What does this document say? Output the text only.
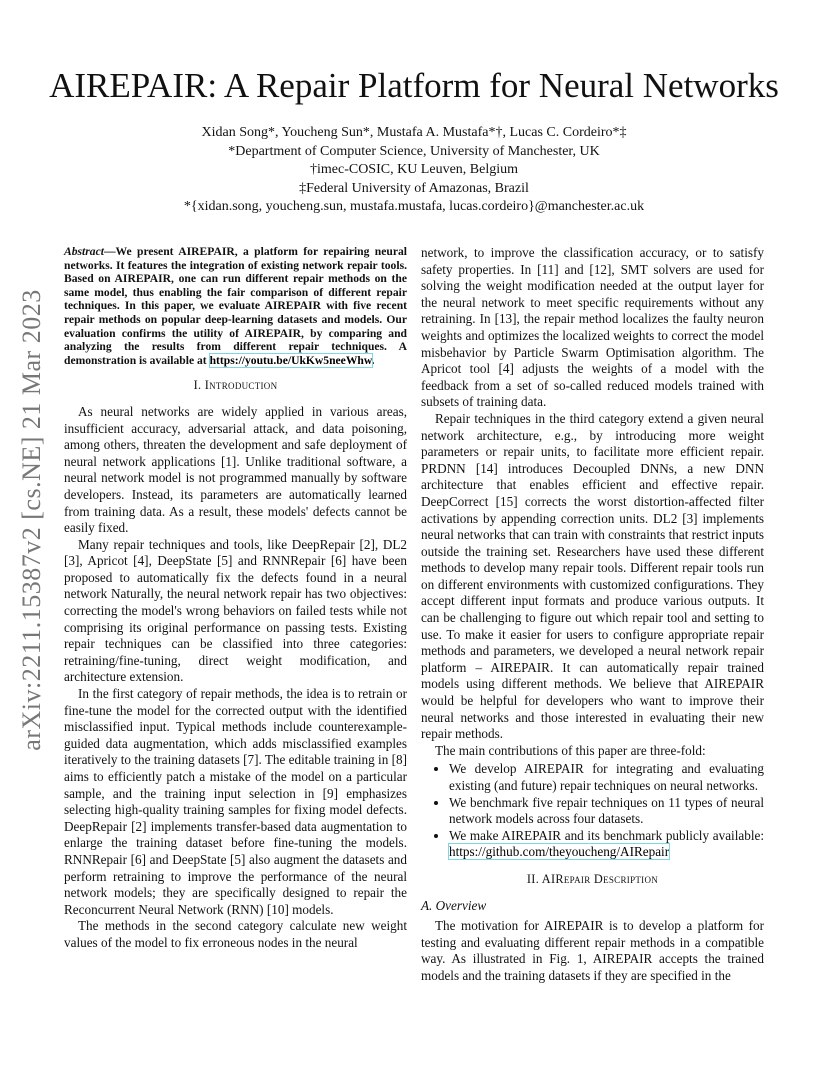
arXiv:2211.15387v2 [cs.NE] 21 Mar 2023
AIREPAIR: A Repair Platform for Neural Networks
Xidan Song*, Youcheng Sun*, Mustafa A. Mustafa*†, Lucas C. Cordeiro*‡
*Department of Computer Science, University of Manchester, UK
†imec-COSIC, KU Leuven, Belgium
‡Federal University of Amazonas, Brazil
*{xidan.song, youcheng.sun, mustafa.mustafa, lucas.cordeiro}@manchester.ac.uk

Abstract—We present AIREPAIR, a platform for repairing neural networks. It features the integration of existing network repair tools. Based on AIREPAIR, one can run different repair methods on the same model, thus enabling the fair comparison of different repair techniques. In this paper, we evaluate AIREPAIR with five recent repair methods on popular deep-learning datasets and models. Our evaluation confirms the utility of AIREPAIR, by comparing and analyzing the results from different repair techniques. A demonstration is available at https://youtu.be/UkKw5neeWhw.

I. Introduction

As neural networks are widely applied in various areas, insufficient accuracy, adversarial attack, and data poisoning, among others, threaten the development and safe deployment of neural network applications [1]. Unlike traditional software, a neural network model is not programmed manually by software developers. Instead, its parameters are automatically learned from training data. As a result, these models' defects cannot be easily fixed.

Many repair techniques and tools, like DeepRepair [2], DL2 [3], Apricot [4], DeepState [5] and RNNRepair [6] have been proposed to automatically fix the defects found in a neural network Naturally, the neural network repair has two objectives: correcting the model's wrong behaviors on failed tests while not comprising its original performance on passing tests. Existing repair techniques can be classified into three categories: retraining/fine-tuning, direct weight modification, and architecture extension.

In the first category of repair methods, the idea is to retrain or fine-tune the model for the corrected output with the identified misclassified input. Typical methods include counterexample-guided data augmentation, which adds misclassified examples iteratively to the training datasets [7]. The editable training in [8] aims to efficiently patch a mistake of the model on a particular sample, and the training input selection in [9] emphasizes selecting high-quality training samples for fixing model defects. DeepRepair [2] implements transfer-based data augmentation to enlarge the training dataset before fine-tuning the models. RNNRepair [6] and DeepState [5] also augment the datasets and perform retraining to improve the performance of the neural network models; they are specifically designed to repair the Reconcurrent Neural Network (RNN) [10] models.

The methods in the second category calculate new weight values of the model to fix erroneous nodes in the neural

network, to improve the classification accuracy, or to satisfy safety properties. In [11] and [12], SMT solvers are used for solving the weight modification needed at the output layer for the neural network to meet specific requirements without any retraining. In [13], the repair method localizes the faulty neuron weights and optimizes the localized weights to correct the model misbehavior by Particle Swarm Optimisation algorithm. The Apricot tool [4] adjusts the weights of a model with the feedback from a set of so-called reduced models trained with subsets of training data.

Repair techniques in the third category extend a given neural network architecture, e.g., by introducing more weight parameters or repair units, to facilitate more efficient repair. PRDNN [14] introduces Decoupled DNNs, a new DNN architecture that enables efficient and effective repair. DeepCorrect [15] corrects the worst distortion-affected filter activations by appending correction units. DL2 [3] implements neural networks that can train with constraints that restrict inputs outside the training set. Researchers have used these different methods to develop many repair tools. Different repair tools run on different environments with customized configurations. They accept different input formats and produce various outputs. It can be challenging to figure out which repair tool and setting to use. To make it easier for users to configure appropriate repair methods and parameters, we developed a neural network repair platform – AIREPAIR. It can automatically repair trained models using different methods. We believe that AIREPAIR would be helpful for developers who want to improve their neural networks and those interested in evaluating their new repair methods.

The main contributions of this paper are three-fold:

• We develop AIREPAIR for integrating and evaluating existing (and future) repair techniques on neural networks.
• We benchmark five repair techniques on 11 types of neural network models across four datasets.
• We make AIREPAIR and its benchmark publicly available: https://github.com/theyoucheng/AIRepair
II. AIRepair Description
A. Overview

The motivation for AIREPAIR is to develop a platform for testing and evaluating different repair methods in a compatible way. As illustrated in Fig. 1, AIREPAIR accepts the trained models and the training datasets if they are specified in the
